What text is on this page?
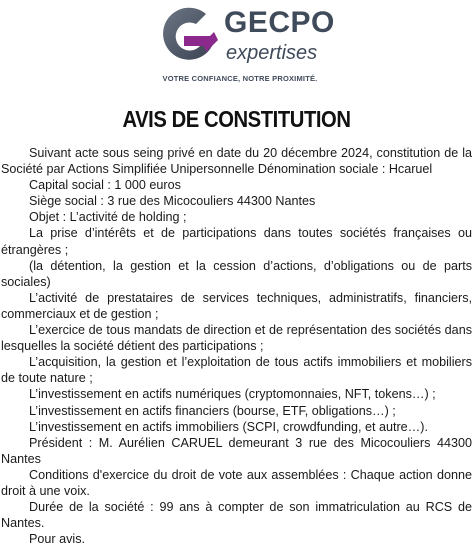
GECPO
expertises
VOTRE CONFIANCE, NOTRE PROXIMITÉ.
AVIS DE CONSTITUTION

Suivant acte sous seing privé en date du 20 décembre 2024, constitution de la Société par Actions Simplifiée Unipersonnelle Dénomination sociale : Hcaruel

Capital social : 1 000 euros

Siège social : 3 rue des Micocouliers 44300 Nantes

Objet : L’activité de holding ;

La prise d’intérêts et de participations dans toutes sociétés françaises ou étrangères ;

(la détention, la gestion et la cession d’actions, d’obligations ou de parts sociales)

L’activité de prestataires de services techniques, administratifs, financiers, commerciaux et de gestion ;

L’exercice de tous mandats de direction et de représentation des sociétés dans lesquelles la société détient des participations ;

L’acquisition, la gestion et l’exploitation de tous actifs immobiliers et mobiliers de toute nature ;

L’investissement en actifs numériques (cryptomonnaies, NFT, tokens…) ;

L’investissement en actifs financiers (bourse, ETF, obligations…) ;

L’investissement en actifs immobiliers (SCPI, crowdfunding, et autre…).

Président : M. Aurélien CARUEL demeurant 3 rue des Micocouliers 44300 Nantes

Conditions d'exercice du droit de vote aux assemblées : Chaque action donne droit à une voix.

Durée de la société : 99 ans à compter de son immatriculation au RCS de Nantes.

Pour avis.
